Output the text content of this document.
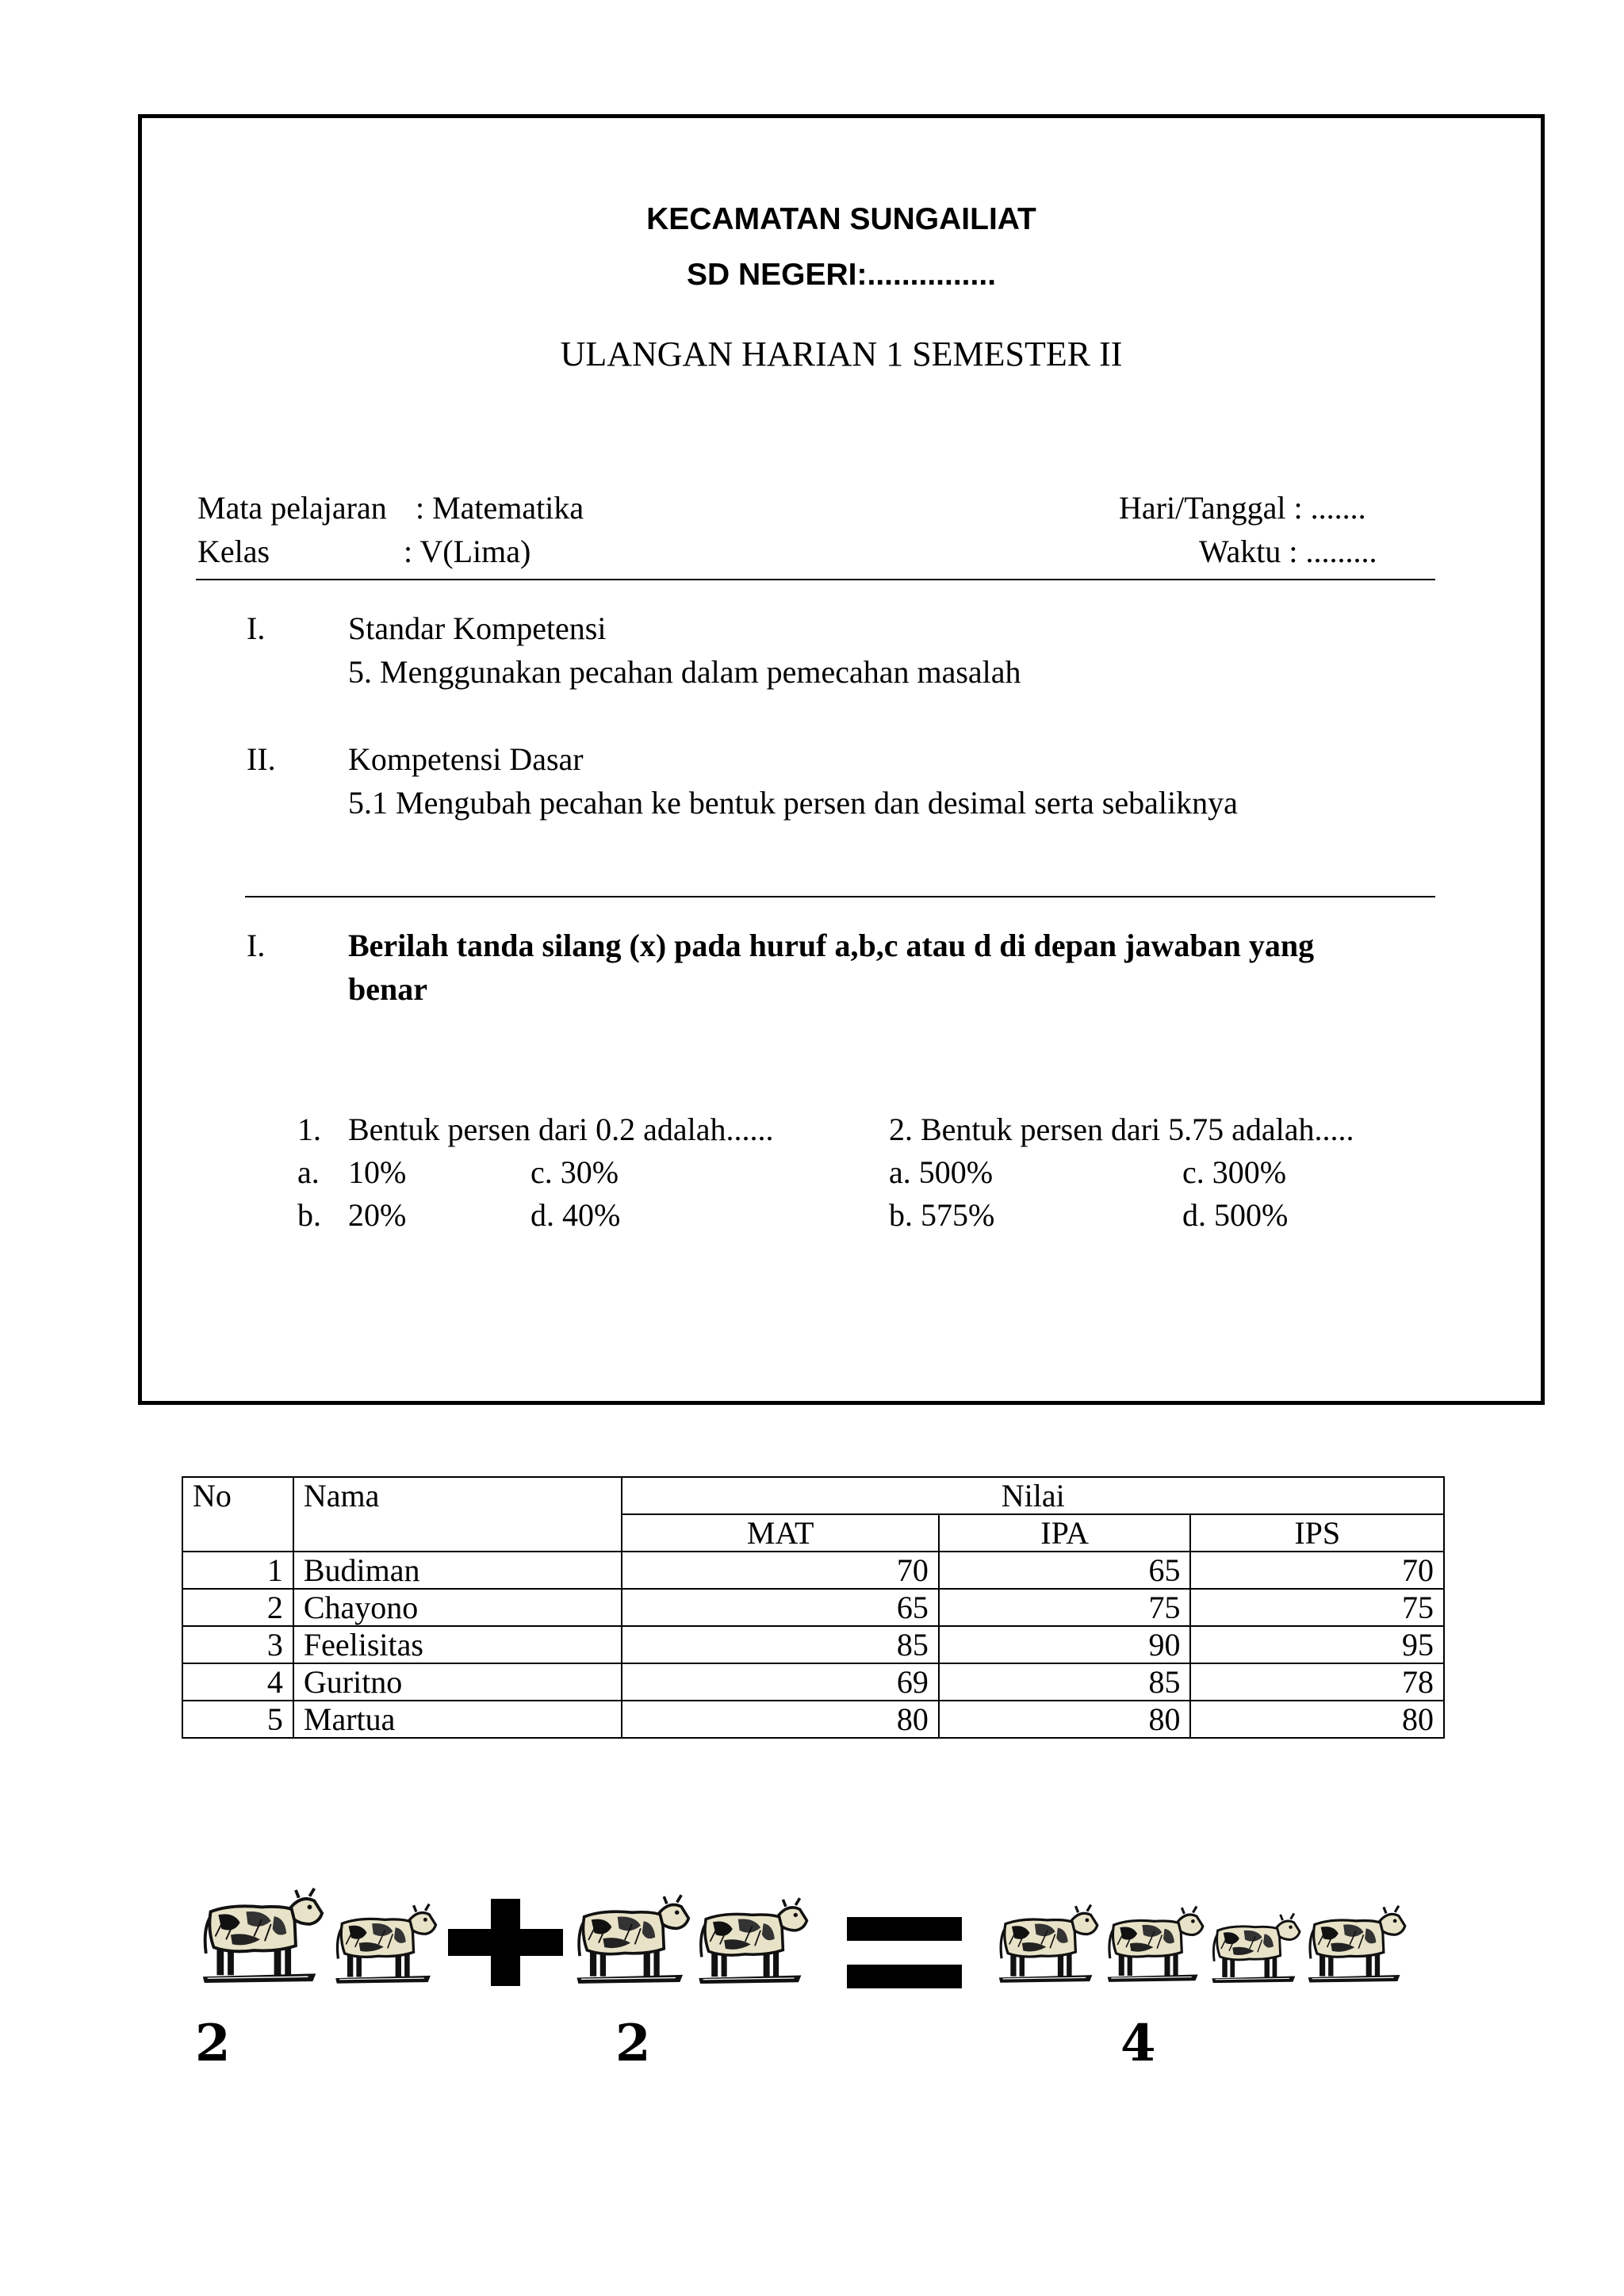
KECAMATAN SUNGAILIAT
SD NEGERI:...............
ULANGAN HARIAN 1 SEMESTER II
Mata pelajaran : Matematika
Kelas	: V(Lima)
Hari/Tanggal : .......
Waktu : .........
I.	Standar Kompetensi
5. Menggunakan pecahan dalam pemecahan masalah
II. Kompetensi Dasar
5.1 Mengubah pecahan ke bentuk persen dan desimal serta sebaliknya
I.	Berilah tanda silang (x) pada huruf a,b,c atau d di depan jawaban yang
benar
1. Bentuk persen dari 0.2 adalah......
a. 10%	c. 30%
b. 20%	d. 40%
2. Bentuk persen dari 5.75 adalah.....
a. 500%	c. 300%
b. 575%	d. 500%
No	Nama	Nilai		
		MAT	IPA	IPS
1	Budiman	70	65	70
2	Chayono	65	75	75
3	Feelisitas	85	90	95
4	Guritno	69	85	78
5	Martua	80	80	80
2	2	4
